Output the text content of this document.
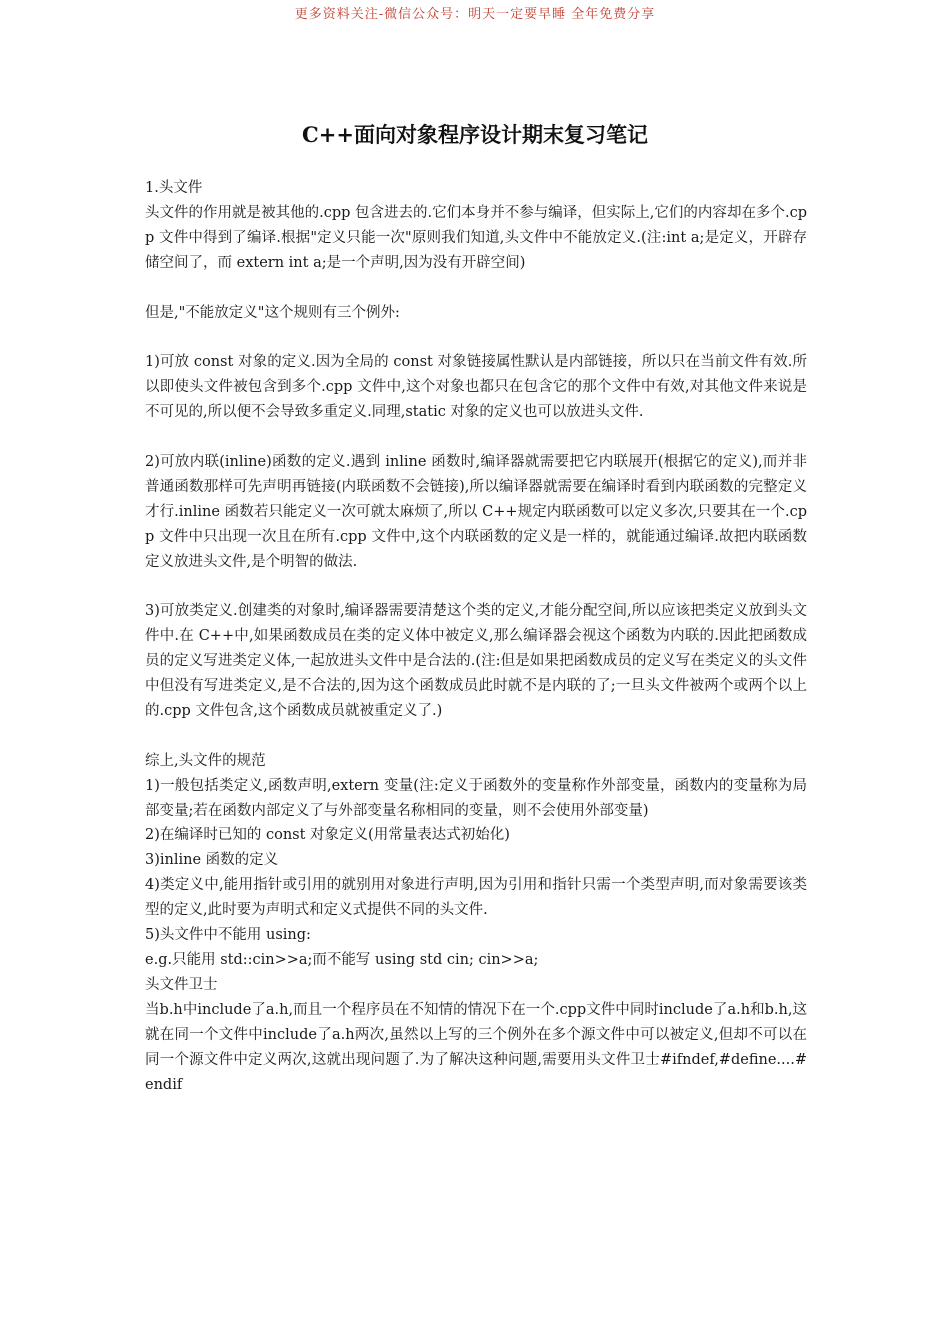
更多资料关注-微信公众号：明天一定要早睡 全年免费分享
C++面向对象程序设计期末复习笔记

1.头文件

头文件的作用就是被其他的.cpp 包含进去的.它们本身并不参与编译，但实际上,它们的内容却在多个.cpp 文件中得到了编译.根据"定义只能一次"原则我们知道,头文件中不能放定义.(注:int a;是定义，开辟存储空间了，而 extern int a;是一个声明,因为没有开辟空间)

但是,"不能放定义"这个规则有三个例外:

1)可放 const 对象的定义.因为全局的 const 对象链接属性默认是内部链接，所以只在当前文件有效.所以即使头文件被包含到多个.cpp 文件中,这个对象也都只在包含它的那个文件中有效,对其他文件来说是不可见的,所以便不会导致多重定义.同理,static 对象的定义也可以放进头文件.

2)可放内联(inline)函数的定义.遇到 inline 函数时,编译器就需要把它内联展开(根据它的定义),而并非普通函数那样可先声明再链接(内联函数不会链接),所以编译器就需要在编译时看到内联函数的完整定义才行.inline 函数若只能定义一次可就太麻烦了,所以 C++规定内联函数可以定义多次,只要其在一个.cpp 文件中只出现一次且在所有.cpp 文件中,这个内联函数的定义是一样的，就能通过编译.故把内联函数定义放进头文件,是个明智的做法.

3)可放类定义.创建类的对象时,编译器需要清楚这个类的定义,才能分配空间,所以应该把类定义放到头文件中.在 C++中,如果函数成员在类的定义体中被定义,那么编译器会视这个函数为内联的.因此把函数成员的定义写进类定义体,一起放进头文件中是合法的.(注:但是如果把函数成员的定义写在类定义的头文件中但没有写进类定义,是不合法的,因为这个函数成员此时就不是内联的了;一旦头文件被两个或两个以上的.cpp 文件包含,这个函数成员就被重定义了.)

综上,头文件的规范

1)一般包括类定义,函数声明,extern 变量(注:定义于函数外的变量称作外部变量，函数内的变量称为局部变量;若在函数内部定义了与外部变量名称相同的变量，则不会使用外部变量)

2)在编译时已知的 const 对象定义(用常量表达式初始化)

3)inline 函数的定义

4)类定义中,能用指针或引用的就别用对象进行声明,因为引用和指针只需一个类型声明,而对象需要该类型的定义,此时要为声明式和定义式提供不同的头文件.

5)头文件中不能用 using:

e.g.只能用 std::cin>>a;而不能写 using std cin; cin>>a;

头文件卫士

当b.h中include了a.h,而且一个程序员在不知情的情况下在一个.cpp文件中同时include了a.h和b.h,这就在同一个文件中include了a.h两次,虽然以上写的三个例外在多个源文件中可以被定义,但却不可以在同一个源文件中定义两次,这就出现问题了.为了解决这种问题,需要用头文件卫士#ifndef,#define....#endif
